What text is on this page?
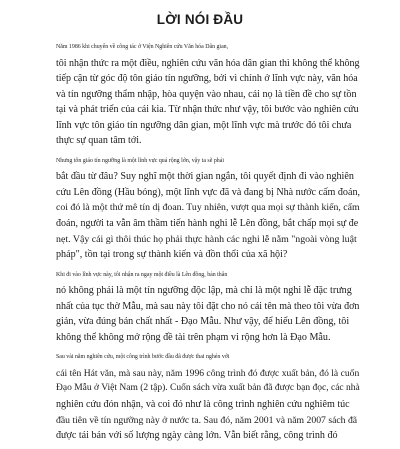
LỜI NÓI ĐẦU

Năm 1986 khi chuyển về công tác ở Viện Nghiên cứu Văn hóa Dân gian,
tôi nhận thức ra một điều, nghiên cứu văn hóa dân gian thì không thể không
tiếp cận từ góc độ tôn giáo tín ngưỡng, bởi vì chính ở lĩnh vực này, văn hóa
và tín ngưỡng thẩm nhập, hòa quyện vào nhau, cái nọ là tiền đề cho sự tồn
tại và phát triển của cái kia. Từ nhận thức như vậy, tôi bước vào nghiên cứu
lĩnh vực tôn giáo tín ngưỡng dân gian, một lĩnh vực mà trước đó tôi chưa
thực sự quan tâm tới.

Nhưng tôn giáo tín ngưỡng là một lĩnh vực quá rộng lớn, vậy ta sẽ phải
bắt đầu từ đâu? Suy nghĩ một thời gian ngắn, tôi quyết định đi vào nghiên
cứu Lên đồng (Hầu bóng), một lĩnh vực đã và đang bị Nhà nước cấm đoán,
coi đó là một thứ mê tín dị đoan. Tuy nhiên, vượt qua mọi sự thành kiến, cấm
đoán, người ta vẫn âm thầm tiến hành nghi lễ Lên đồng, bắt chấp mọi sự đe
nẹt. Vậy cái gì thôi thúc họ phải thực hành các nghi lễ nằm "ngoài vòng luật
pháp", tồn tại trong sự thành kiến và đồn thổi của xã hội?

Khi đi vào lĩnh vực này, tôi nhận ra ngay một điều là Lên đồng, bản thân
nó không phải là một tín ngưỡng độc lập, mà chỉ là một nghi lễ đặc trưng
nhất của tục thờ Mẫu, mà sau này tôi đặt cho nó cái tên mà theo tôi vừa đơn
giản, vừa đúng bản chất nhất - Đạo Mẫu. Như vậy, để hiểu Lên đồng, tôi
không thể không mở rộng đề tài trên phạm vi rộng hơn là Đạo Mẫu.

Sau vài năm nghiên cứu, một công trình bước đầu đã được thai nghén với
cái tên Hát văn, mà sau này, năm 1996 công trình đó được xuất bản, đó là cuốn
Đạo Mẫu ở Việt Nam (2 tập). Cuốn sách vừa xuất bản đã được bạn đọc, các nhà
nghiên cứu đón nhận, và coi đó như là công trình nghiên cứu nghiêm túc
đầu tiên về tín ngưỡng này ở nước ta. Sau đó, năm 2001 và năm 2007 sách đã
được tái bản với số lượng ngày càng lớn. Vẫn biết rằng, công trình đó
